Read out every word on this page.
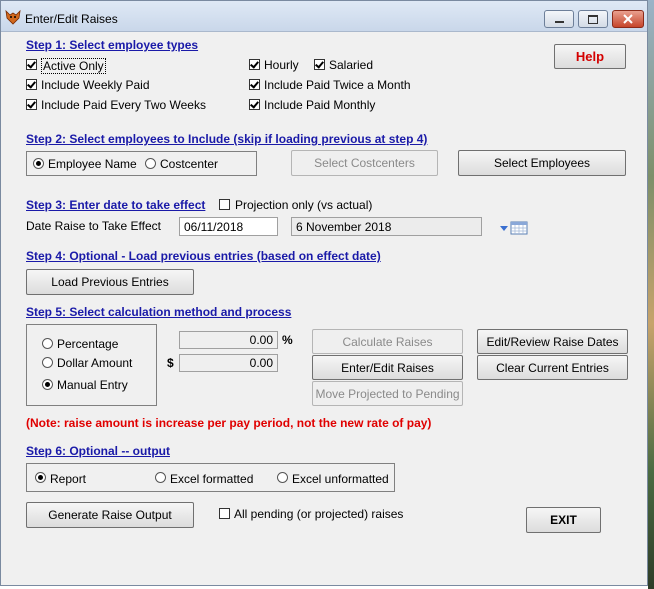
Enter/Edit Raises
Step 1: Select employee types
Active Only
Include Weekly Paid
Include Paid Every Two Weeks
Hourly	Salaried
Include Paid Twice a Month
Include Paid Monthly
Help
Step 2: Select employees to Include (skip if loading previous at step 4)
Employee Name Costcenter	Select Costcenters	Select Employees
Step 3: Enter date to take effect Projection only (vs actual)
Date Raise to Take Effect	06/11/2018	6 November 2018
Step 4: Optional - Load previous entries (based on effect date)
Load Previous Entries
Step 5: Select calculation method and process
Percentage
Dollar Amount
Manual Entry
0.00 %
$	0.00
Calculate Raises
Enter/Edit Raises
Move Projected to Pending
Edit/Review Raise Dates
Clear Current Entries
(Note: raise amount is increase per pay period, not the new rate of pay)
Step 6: Optional -- output
Report	Excel formatted	Excel unformatted
Generate Raise Output	All pending (or projected) raises	EXIT
